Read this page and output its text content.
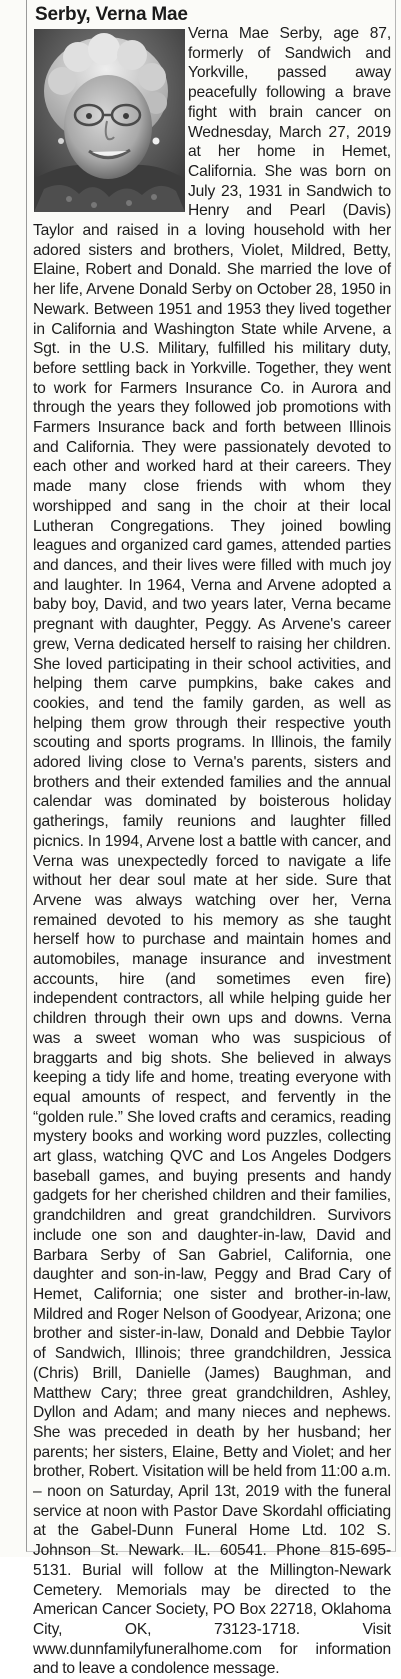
Serby, Verna Mae

Verna Mae Serby, age 87, formerly of Sandwich and Yorkville, passed away peacefully following a brave fight with brain cancer on Wednesday, March 27, 2019 at her home in Hemet, California. She was born on July 23, 1931 in Sandwich to Henry and Pearl (Davis) Taylor and raised in a loving household with her adored sisters and brothers, Violet, Mildred, Betty, Elaine, Robert and Donald. She married the love of her life, Arvene Donald Serby on October 28, 1950 in Newark. Between 1951 and 1953 they lived together in California and Washington State while Arvene, a Sgt. in the U.S. Military, fulfilled his military duty, before settling back in Yorkville. Together, they went to work for Farmers Insurance Co. in Aurora and through the years they followed job promotions with Farmers Insurance back and forth between Illinois and California. They were passionately devoted to each other and worked hard at their careers. They made many close friends with whom they worshipped and sang in the choir at their local Lutheran Congregations. They joined bowling leagues and organized card games, attended parties and dances, and their lives were filled with much joy and laughter. In 1964, Verna and Arvene adopted a baby boy, David, and two years later, Verna became pregnant with daughter, Peggy. As Arvene's career grew, Verna dedicated herself to raising her children. She loved participating in their school activities, and helping them carve pumpkins, bake cakes and cookies, and tend the family garden, as well as helping them grow through their respective youth scouting and sports programs. In Illinois, the family adored living close to Verna's parents, sisters and brothers and their extended families and the annual calendar was dominated by boisterous holiday gatherings, family reunions and laughter filled picnics. In 1994, Arvene lost a battle with cancer, and Verna was unexpectedly forced to navigate a life without her dear soul mate at her side. Sure that Arvene was always watching over her, Verna remained devoted to his memory as she taught herself how to purchase and maintain homes and automobiles, manage insurance and investment accounts, hire (and sometimes even fire) independent contractors, all while helping guide her children through their own ups and downs. Verna was a sweet woman who was suspicious of braggarts and big shots. She believed in always keeping a tidy life and home, treating everyone with equal amounts of respect, and fervently in the “golden rule.” She loved crafts and ceramics, reading mystery books and working word puzzles, collecting art glass, watching QVC and Los Angeles Dodgers baseball games, and buying presents and handy gadgets for her cherished children and their families, grandchildren and great grandchildren. Survivors include one son and daughter-in-law, David and Barbara Serby of San Gabriel, California, one daughter and son-in-law, Peggy and Brad Cary of Hemet, California; one sister and brother-in-law, Mildred and Roger Nelson of Goodyear, Arizona; one brother and sister-in-law, Donald and Debbie Taylor of Sandwich, Illinois; three grandchildren, Jessica (Chris) Brill, Danielle (James) Baughman, and Matthew Cary; three great grandchildren, Ashley, Dyllon and Adam; and many nieces and nephews. She was preceded in death by her husband; her parents; her sisters, Elaine, Betty and Violet; and her brother, Robert. Visitation will be held from 11:00 a.m. – noon on Saturday, April 13t, 2019 with the funeral service at noon with Pastor Dave Skordahl officiating at the Gabel-Dunn Funeral Home Ltd. 102 S. Johnson St. Newark. IL. 60541. Phone 815-695-5131. Burial will follow at the Millington-Newark Cemetery. Memorials may be directed to the American Cancer Society, PO Box 22718, Oklahoma City, OK, 73123-1718. Visit www.dunnfamilyfuneralhome.com for information and to leave a condolence message.
